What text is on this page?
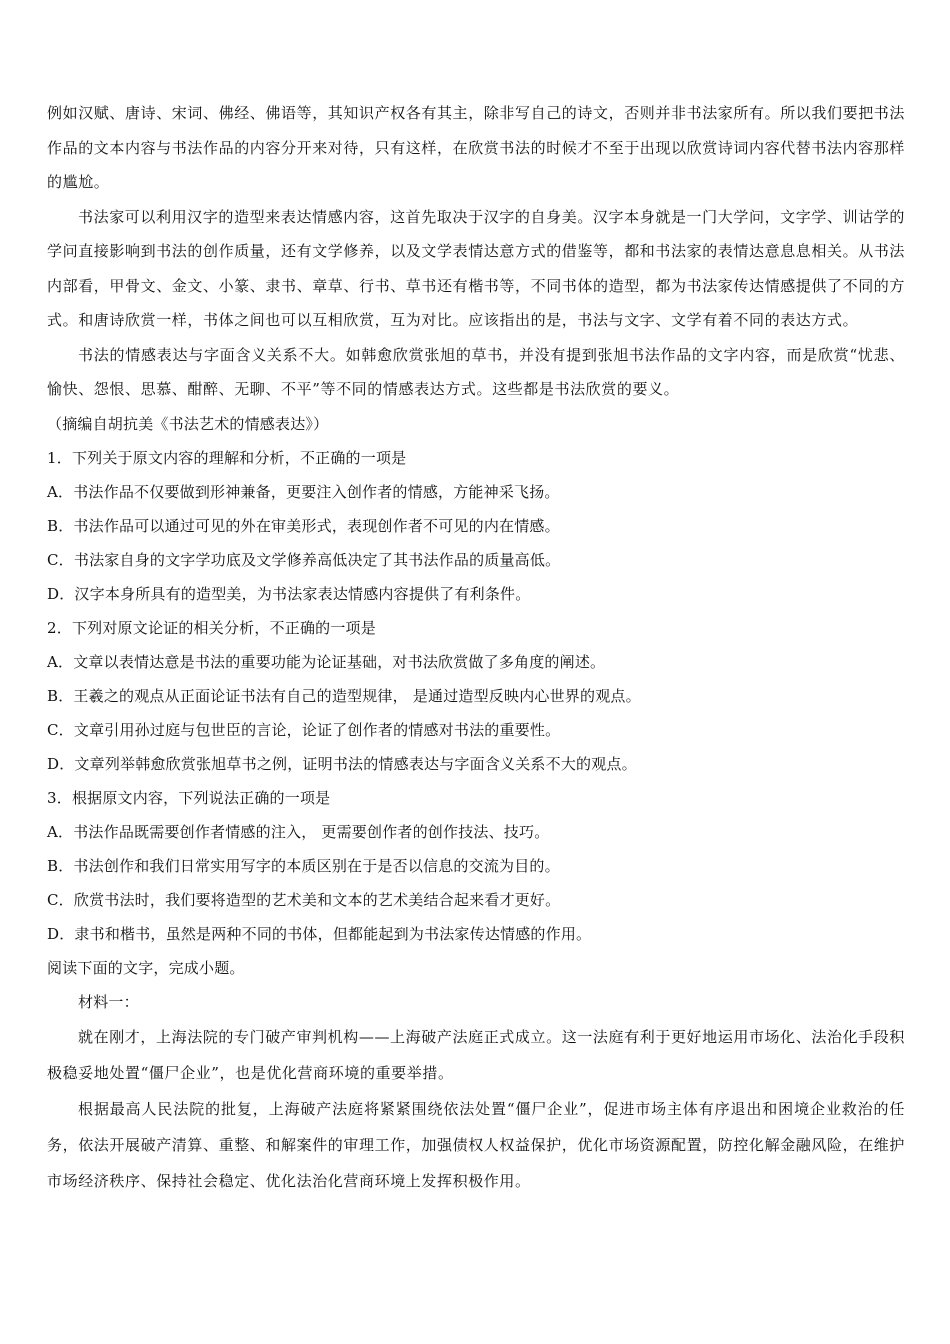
例如汉赋、唐诗、宋词、佛经、佛语等，其知识产权各有其主，除非写自己的诗文，否则并非书法家所有。所以我们要把书法作品的文本内容与书法作品的内容分开来对待，只有这样，在欣赏书法的时候才不至于出现以欣赏诗词内容代替书法内容那样的尴尬。

书法家可以利用汉字的造型来表达情感内容，这首先取决于汉字的自身美。汉字本身就是一门大学问，文字学、训诂学的学问直接影响到书法的创作质量，还有文学修养，以及文学表情达意方式的借鉴等，都和书法家的表情达意息息相关。从书法内部看，甲骨文、金文、小篆、隶书、章草、行书、草书还有楷书等，不同书体的造型，都为书法家传达情感提供了不同的方式。和唐诗欣赏一样，书体之间也可以互相欣赏，互为对比。应该指出的是，书法与文字、文学有着不同的表达方式。

书法的情感表达与字面含义关系不大。如韩愈欣赏张旭的草书，并没有提到张旭书法作品的文字内容，而是欣赏“忧悲、愉快、怨恨、思慕、酣醉、无聊、不平”等不同的情感表达方式。这些都是书法欣赏的要义。

（摘编自胡抗美《书法艺术的情感表达》）

1．下列关于原文内容的理解和分析，不正确的一项是

A．书法作品不仅要做到形神兼备，更要注入创作者的情感，方能神采飞扬。

B．书法作品可以通过可见的外在审美形式，表现创作者不可见的内在情感。

C．书法家自身的文字学功底及文学修养高低决定了其书法作品的质量高低。

D．汉字本身所具有的造型美，为书法家表达情感内容提供了有利条件。

2．下列对原文论证的相关分析，不正确的一项是

A．文章以表情达意是书法的重要功能为论证基础，对书法欣赏做了多角度的阐述。

B．王羲之的观点从正面论证书法有自己的造型规律， 是通过造型反映内心世界的观点。

C．文章引用孙过庭与包世臣的言论，论证了创作者的情感对书法的重要性。

D．文章列举韩愈欣赏张旭草书之例，证明书法的情感表达与字面含义关系不大的观点。

3．根据原文内容，下列说法正确的一项是

A．书法作品既需要创作者情感的注入， 更需要创作者的创作技法、技巧。

B．书法创作和我们日常实用写字的本质区别在于是否以信息的交流为目的。

C．欣赏书法时，我们要将造型的艺术美和文本的艺术美结合起来看才更好。

D．隶书和楷书，虽然是两种不同的书体，但都能起到为书法家传达情感的作用。

阅读下面的文字，完成小题。

材料一：

就在刚才，上海法院的专门破产审判机构——上海破产法庭正式成立。这一法庭有利于更好地运用市场化、法治化手段积极稳妥地处置“僵尸企业”，也是优化营商环境的重要举措。

根据最高人民法院的批复，上海破产法庭将紧紧围绕依法处置“僵尸企业”，促进市场主体有序退出和困境企业救治的任务，依法开展破产清算、重整、和解案件的审理工作，加强债权人权益保护，优化市场资源配置，防控化解金融风险，在维护市场经济秩序、保持社会稳定、优化法治化营商环境上发挥积极作用。
